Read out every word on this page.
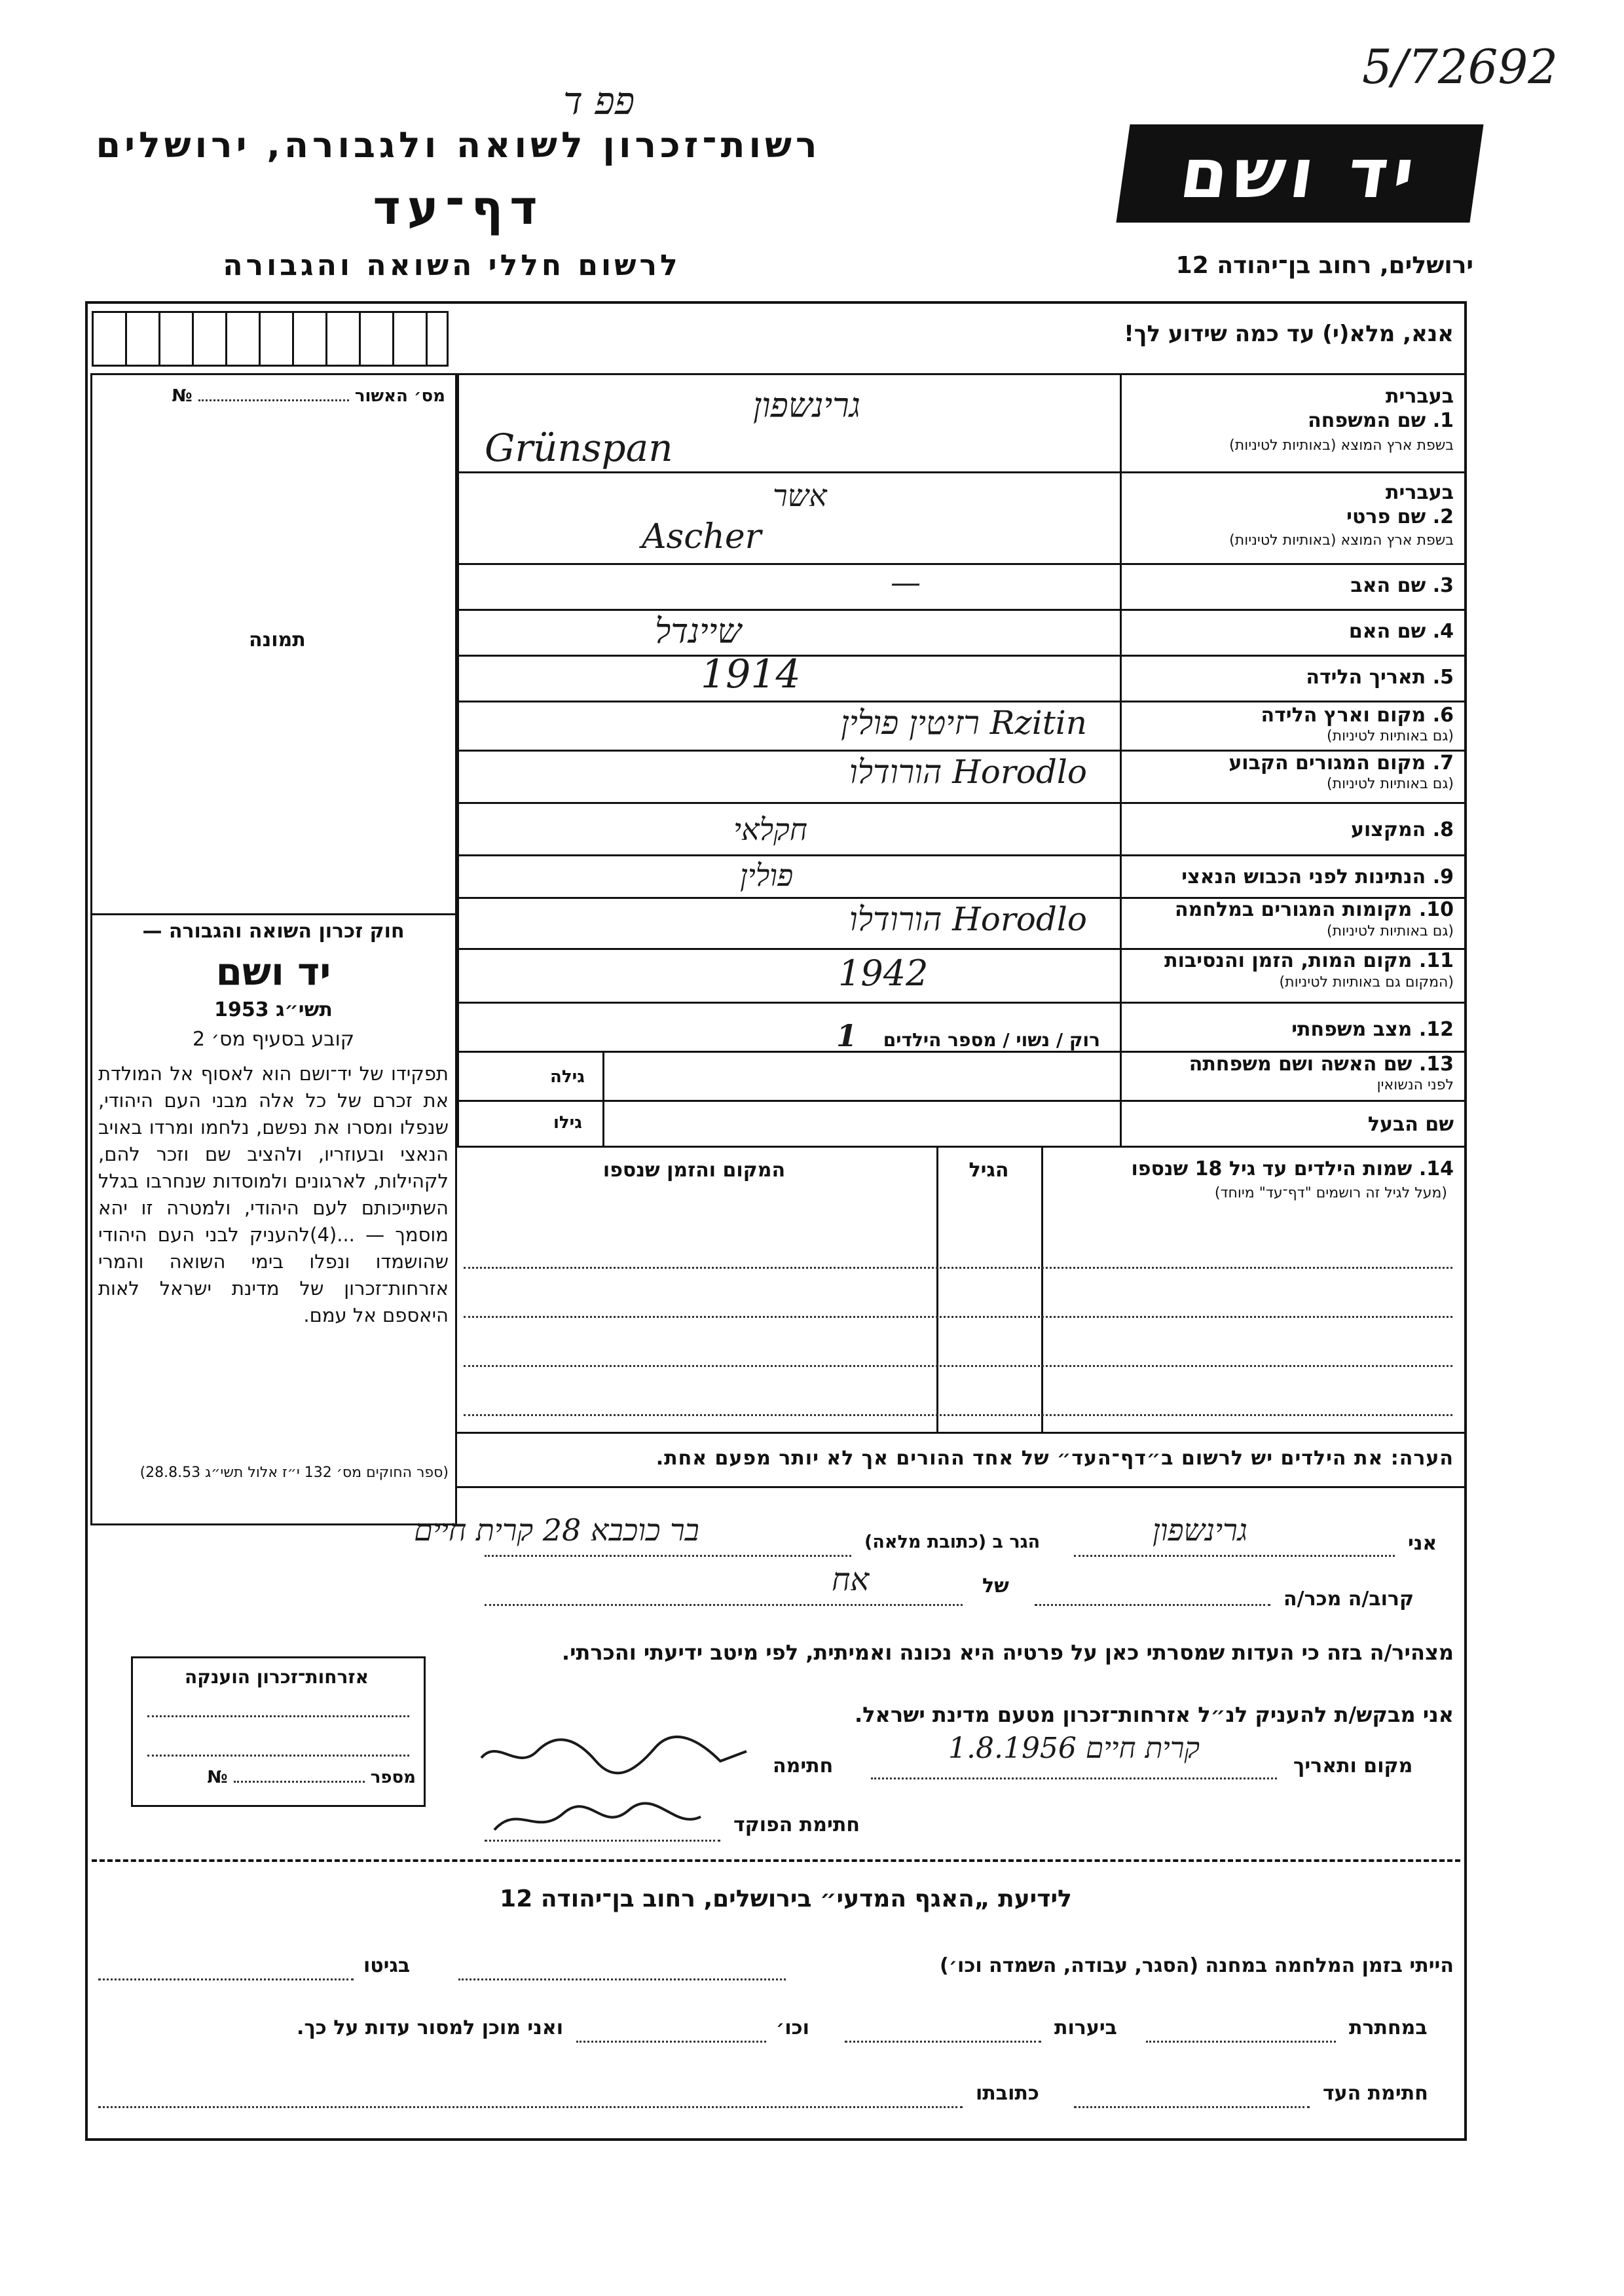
5/72692
פפ ד
רשות־זכרון לשואה ולגבורה, ירושלים
דף־עד
לרשום חללי השואה והגבורה
יד ושם
ירושלים, רחוב בן־יהודה 12
אנא, מלא(י) עד כמה שידוע לך!
מס׳ האשור  №
תמונה
חוק זכרון השואה והגבורה —
יד ושם
תשי״ג 1953
קובע בסעיף מס׳ 2
תפקידו של יד־ושם הוא לאסוף אל המולדת את זכרם של כל אלה מבני העם היהודי, שנפלו ומסרו את נפשם, נלחמו ומרדו באויב הנאצי ובעוזריו, ולהציב שם וזכר להם, לקהילות, לארגונים ולמוסדות שנחרבו בגלל השתייכותם לעם היהודי, ולמטרה זו יהא מוסמך — ...(4)להעניק לבני העם היהודי שהושמדו ונפלו בימי השואה והמרי אזרחות־זכרון של מדינת ישראל לאות היאספם אל עמם.
(ספר החוקים מס׳ 132 י״ז אלול תשי״ג 28.8.53)
בעברית
1. שם המשפחה
בשפת ארץ המוצא (באותיות לטיניות)
גרינשפון
Grünspan
בעברית
2. שם פרטי
בשפת ארץ המוצא (באותיות לטיניות)
אשר
Ascher
3. שם האב
—
4. שם האם
שיינדל
5. תאריך הלידה
1914
6. מקום וארץ הלידה
(גם באותיות לטיניות)
רזיטין פולין Rzitin
7. מקום המגורים הקבוע
(גם באותיות לטיניות)
הורודלו Horodlo
8. המקצוע
חקלאי
9. הנתינות לפני הכבוש הנאצי
פולין
10. מקומות המגורים במלחמה
(גם באותיות לטיניות)
הורודלו Horodlo
11. מקום המות, הזמן והנסיבות
(המקום גם באותיות לטיניות)
1942
12. מצב משפחתי
רוק / נשוי / מספר הילדים 1
13. שם האשה ושם משפחתה
לפני הנשואין
גילה
שם הבעל
גילו
14. שמות הילדים עד גיל 18 שנספו
(מעל לגיל זה רושמים "דף־עד" מיוחד)
הגיל
המקום והזמן שנספו
הערה: את הילדים יש לרשום ב״דף־העד״ של אחד ההורים אך לא יותר מפעם אחת.
אני
גרינשפון
הגר ב (כתובת מלאה)
בר כוכבא 28 קרית חיים
קרוב/ה מכר/ה
של
אח
מצהיר/ה בזה כי העדות שמסרתי כאן על פרטיה היא נכונה ואמיתית, לפי מיטב ידיעתי והכרתי.
אני מבקש/ת להעניק לנ״ל אזרחות־זכרון מטעם מדינת ישראל.
אזרחות־זכרון הוענקה
מספר  №	מקום ותאריך
קרית חיים 1.8.1956
חתימה
חתימת הפוקד
לידיעת „האגף המדעי״ בירושלים, רחוב בן־יהודה 12
הייתי בזמן המלחמה במחנה (הסגר, עבודה, השמדה וכו׳)
בגיטו
במחתרת
ביערות
וכו׳
ואני מוכן למסור עדות על כך.
חתימת העד
כתובתו
